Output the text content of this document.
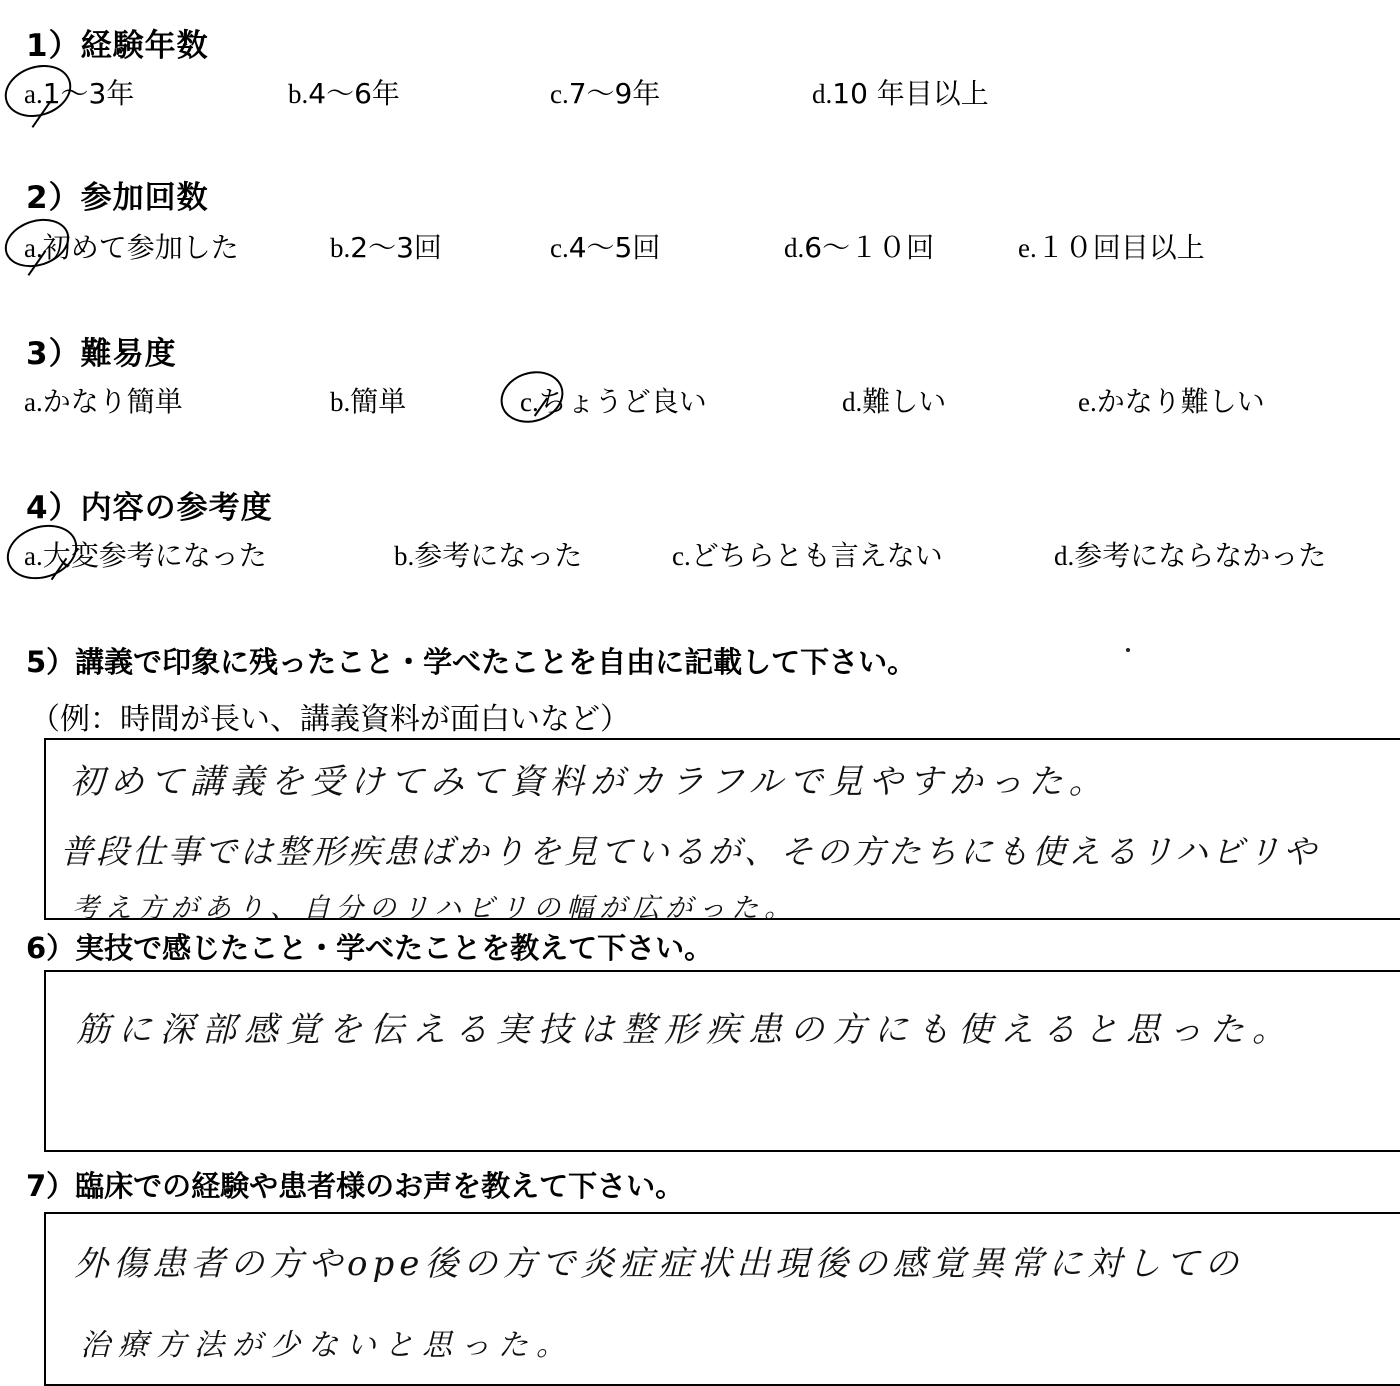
1）経験年数
a.1～3年	b.4～6年	c.7～9年	d.10 年目以上
2）参加回数
a.初めて参加した	b.2～3回	c.4～5回	d.6～１０回	e.１０回目以上
3）難易度
a.かなり簡単	b.簡単	c.ちょうど良い	d.難しい	e.かなり難しい
4）内容の参考度
a.大変参考になった	b.参考になった	c.どちらとも言えない	d.参考にならなかった
5）講義で印象に残ったこと・学べたことを自由に記載して下さい。
（例：時間が長い、講義資料が面白いなど）
初めて講義を受けてみて資料がカラフルで見やすかった。
普段仕事では整形疾患ばかりを見ているが、その方たちにも使えるリハビリや
考え方があり、自分のリハビリの幅が広がった。
6）実技で感じたこと・学べたことを教えて下さい。
筋に深部感覚を伝える実技は整形疾患の方にも使えると思った。
7）臨床での経験や患者様のお声を教えて下さい。
外傷患者の方やope後の方で炎症症状出現後の感覚異常に対しての
治療方法が少ないと思った。
